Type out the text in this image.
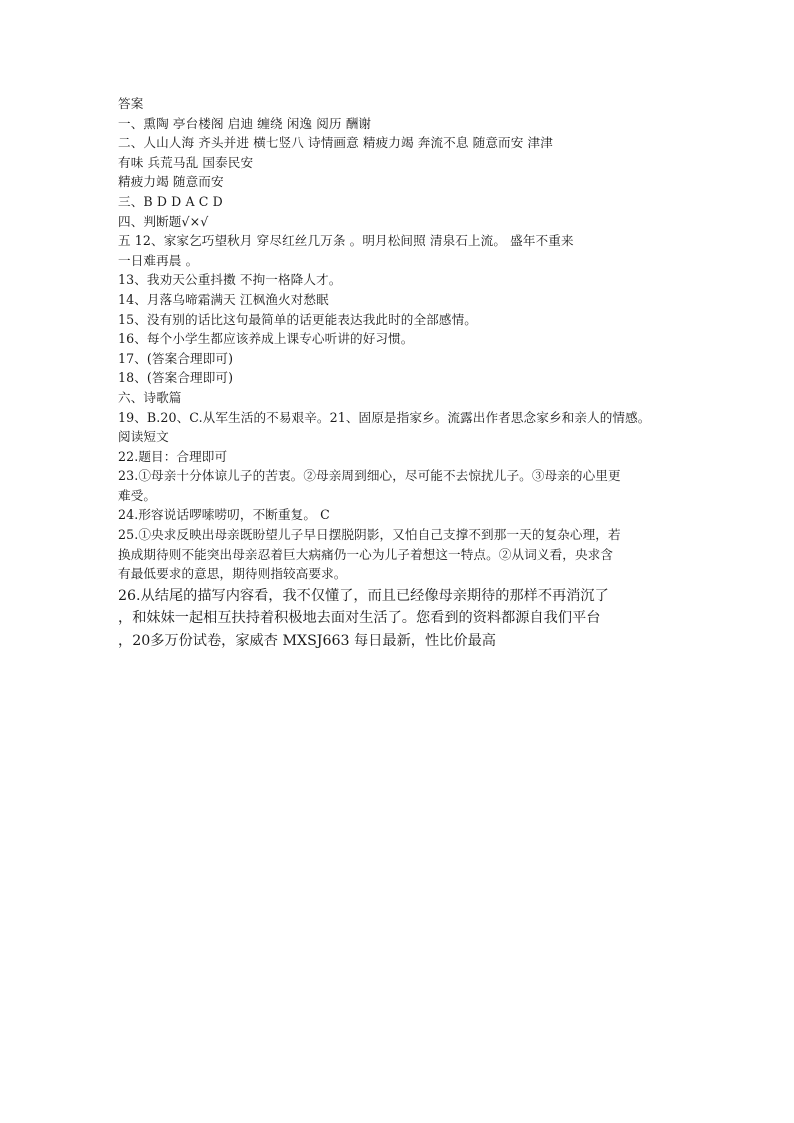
答案
一、熏陶 亭台楼阁 启迪 缠绕 闲逸 阅历 酬谢
二、人山人海 齐头并进 横七竖八 诗情画意 精疲力竭 奔流不息 随意而安 津津
有味 兵荒马乱 国泰民安
精疲力竭 随意而安
三、B D D A C D
四、判断题√×√
五 12、家家乞巧望秋月 穿尽红丝几万条 。明月松间照 清泉石上流。 盛年不重来
一日难再晨 。
13、我劝天公重抖擞 不拘一格降人才。
14、月落乌啼霜满天 江枫渔火对愁眠
15、没有别的话比这句最简单的话更能表达我此时的全部感情。
16、每个小学生都应该养成上课专心听讲的好习惯。
17、(答案合理即可)
18、(答案合理即可)
六、诗歌篇
19、B.20、C.从军生活的不易艰辛。21、固原是指家乡。流露出作者思念家乡和亲人的情感。
阅读短文
22.题目：合理即可
23.①母亲十分体谅儿子的苦衷。②母亲周到细心，尽可能不去惊扰儿子。③母亲的心里更
难受。
24.形容说话啰嗦唠叨，不断重复。 C
25.①央求反映出母亲既盼望儿子早日摆脱阴影，又怕自己支撑不到那一天的复杂心理，若
换成期待则不能突出母亲忍着巨大病痛仍一心为儿子着想这一特点。②从词义看，央求含
有最低要求的意思，期待则指较高要求。
26.从结尾的描写内容看，我不仅懂了，而且已经像母亲期待的那样不再消沉了
，和妹妹一起相互扶持着积极地去面对生活了。您看到的资料都源自我们平台
，20多万份试卷，家威杏 MXSJ663 每日最新，性比价最高
